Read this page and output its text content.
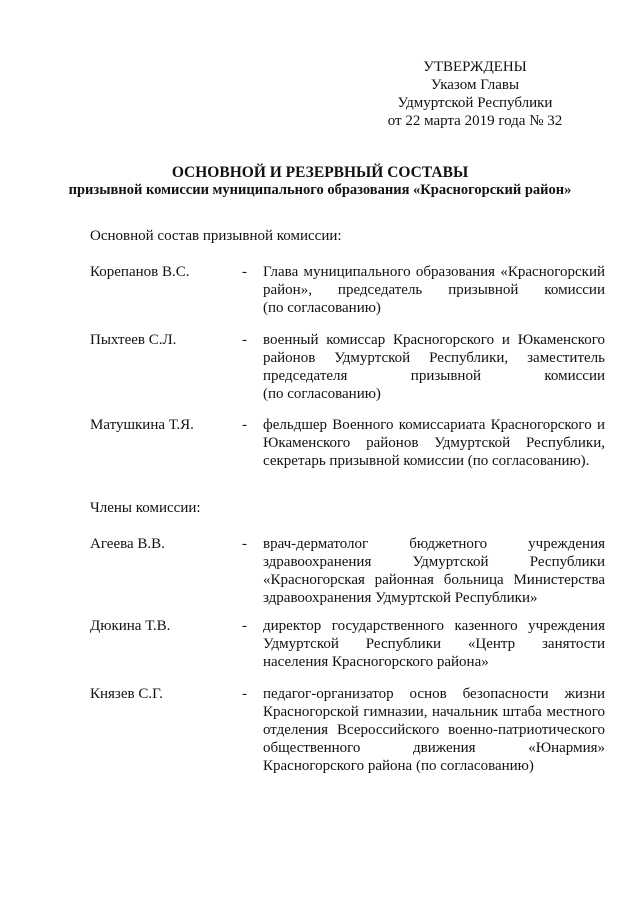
УТВЕРЖДЕНЫ
Указом Главы
Удмуртской Республики
от 22 марта 2019 года № 32
ОСНОВНОЙ И РЕЗЕРВНЫЙ СОСТАВЫ
призывной комиссии муниципального образования «Красногорский район»
Основной состав призывной комиссии:
Корепанов В.С.	- Глава муниципального образования «Красногорский
район», председатель призывной комиссии
(по согласованию)
Пыхтеев С.Л.	- военный комиссар Красногорского и Юкаменского
районов Удмуртской Республики, заместитель
председателя призывной комиссии
(по согласованию)
Матушкина Т.Я.	- фельдшер Военного комиссариата Красногорского и
Юкаменского районов Удмуртской Республики,
секретарь призывной комиссии (по согласованию).
Члены комиссии:
Агеева В.В.	- врач-дерматолог бюджетного учреждения
здравоохранения Удмуртской Республики
«Красногорская районная больница Министерства
здравоохранения Удмуртской Республики»
Дюкина Т.В.	- директор государственного казенного учреждения
Удмуртской Республики «Центр занятости
населения Красногорского района»
Князев С.Г.	- педагог-организатор основ безопасности жизни
Красногорской гимназии, начальник штаба местного
отделения Всероссийского военно-патриотического
общественного движения «Юнармия»
Красногорского района (по согласованию)
